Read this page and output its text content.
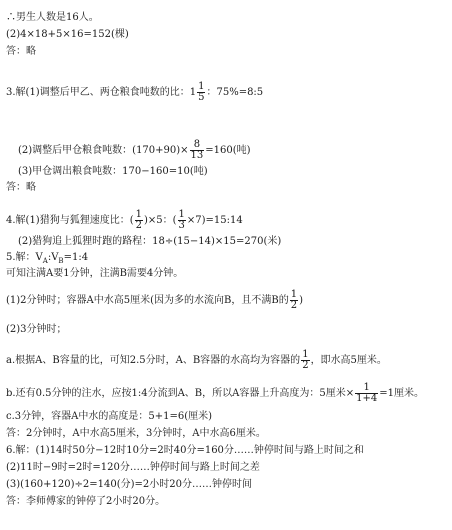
∴男生人数是16人。
(2)4×18+5×16=152(棵)
答：略
3.解(1)调整后甲乙、两仓粮食吨数的比：$1 \frac{1}{5}$ ：75%=8:5
(2)调整后甲仓粮食吨数：$(170+90)\times \frac{8}{13} =160$(吨)
(3)甲仓调出粮食吨数：170−160=10(吨)
答：略
4.解(1)猎狗与狐狸速度比：( $\frac{1}{2} )\times 5$：( $\frac{1}{3}$ ×7)=15:14
(2)猎狗追上狐狸时跑的路程：18÷(15−14)×15=270(米)
5.解：$V_A:V_B=1:4$
可知注满A要1分钟，注满B需要4分钟。
(1)2分钟时；容器A中水高5厘米(因为多的水流向B，且不满B的 $\frac{1}{2}$ )
(2)3分钟时；
a.根据A、B容量的比，可知2.5分时，A、B容器的水高均为容器的 $\frac{1}{2}$ ，即水高5厘米。
b.还有0.5分钟的注水，应按1:4分流到A、B，所以A容器上升高度为：5厘米× $\frac{1}{1+4} =1$厘米。
c.3分钟，容器A中水的高度是：5+1=6(厘米)
答：2分钟时，A中水高5厘米，3分钟时，A中水高6厘米。
6.解：(1)14时50分−12时10分=2时40分=160分……钟停时间与路上时间之和
(2)11时−9时=2时=120分……钟停时间与路上时间之差
(3)(160+120)÷2=140(分)=2小时20分……钟停时间
答：李师傅家的钟停了2小时20分。
